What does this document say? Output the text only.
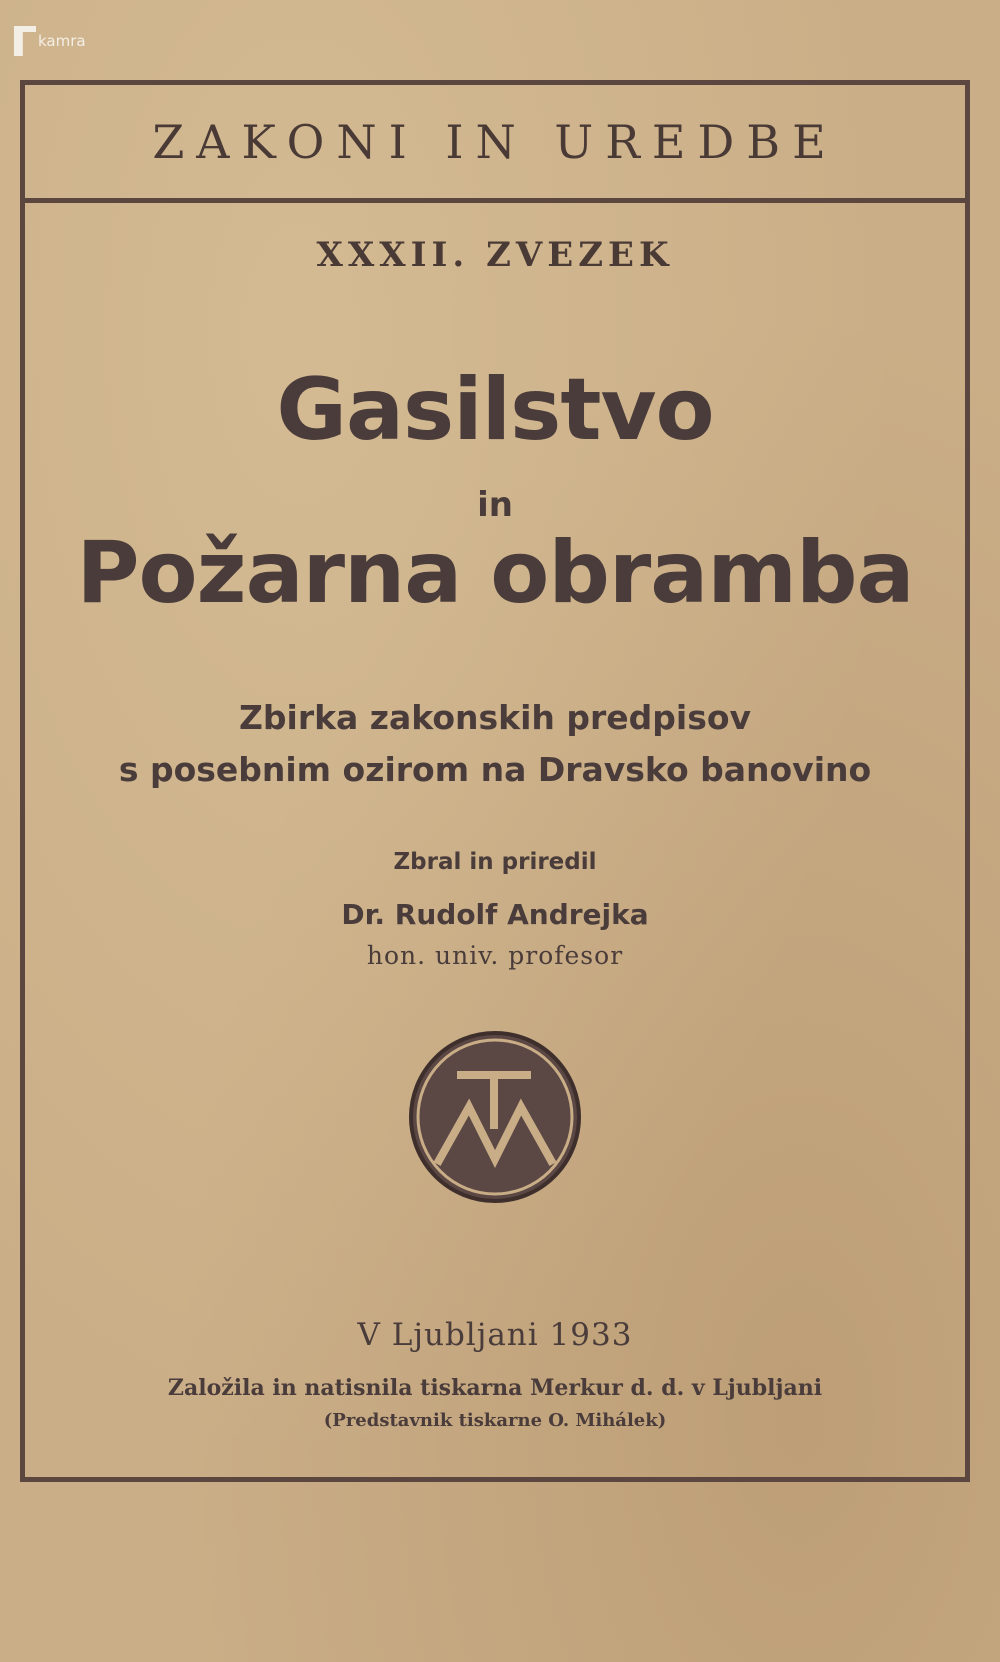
kamra
ZAKONI IN UREDBE
XXXII. ZVEZEK
Gasilstvo
in
Požarna obramba
Zbirka zakonskih predpisov
s posebnim ozirom na Dravsko banovino
Zbral in priredil
Dr. Rudolf Andrejka
hon. univ. profesor
V Ljubljani 1933
Založila in natisnila tiskarna Merkur d. d. v Ljubljani
(Predstavnik tiskarne O. Mihálek)
